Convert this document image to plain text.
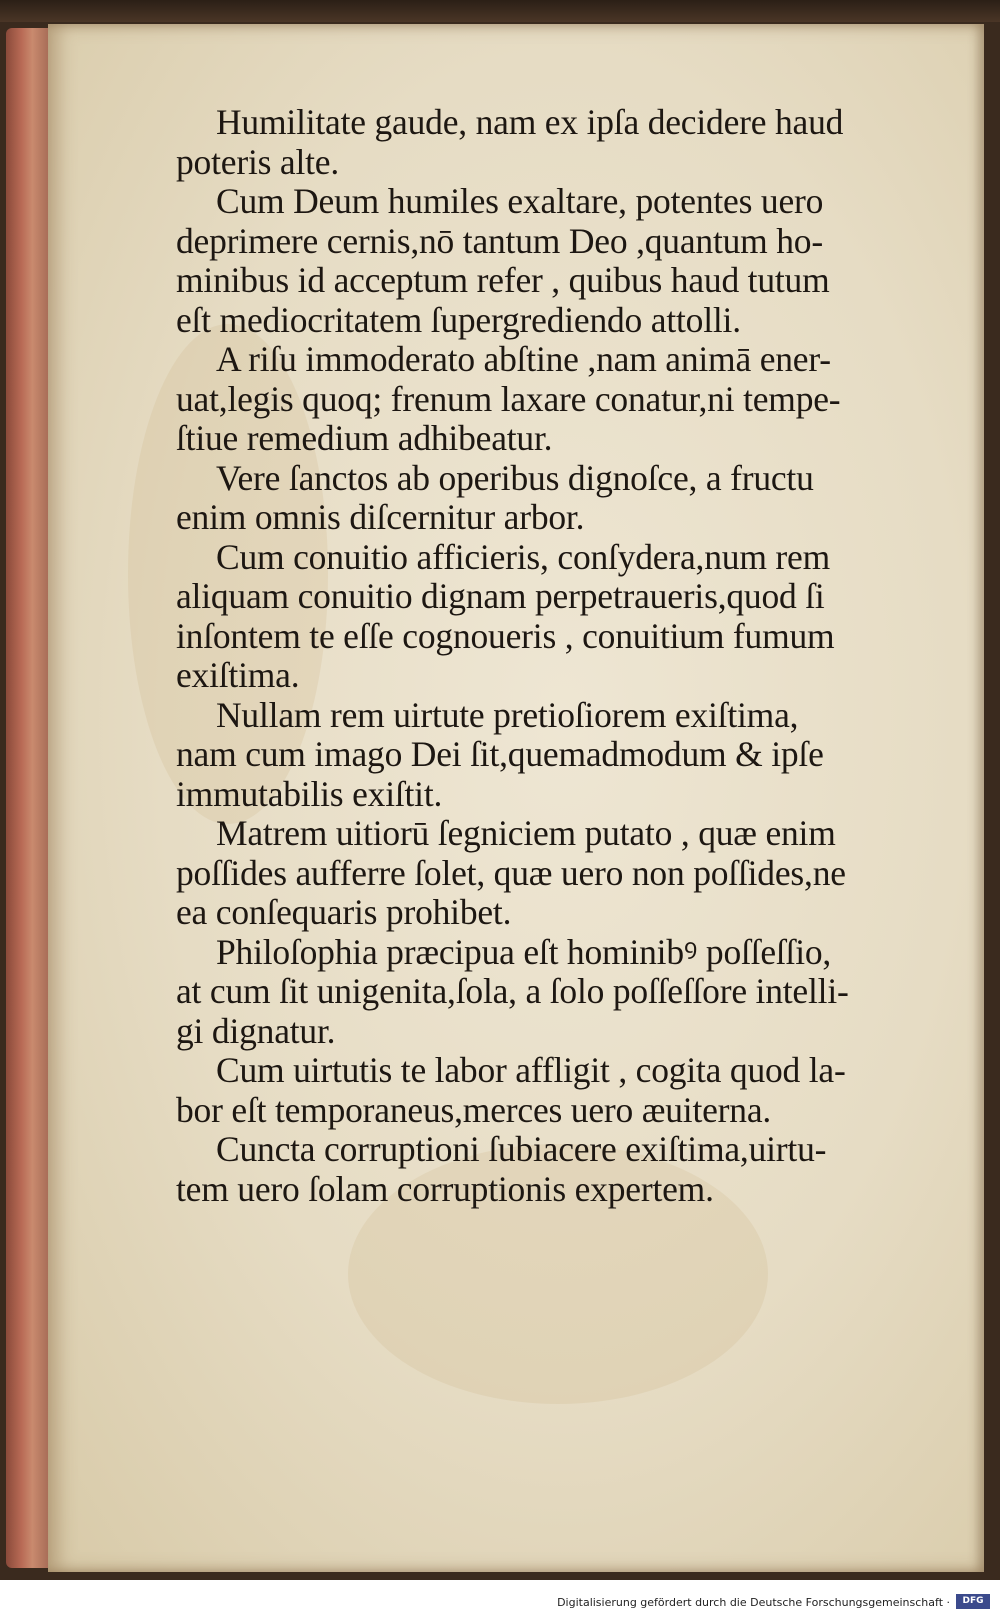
Humilitate gaude, nam ex ipſa decidere haud
poteris alte.
Cum Deum humiles exaltare, potentes uero
deprimere cernis,nō tantum Deo ,quantum ho-
minibus id acceptum refer , quibus haud tutum
eſt mediocritatem ſupergrediendo attolli.
A riſu immoderato abſtine ,nam animā ener-
uat,legis quoq; frenum laxare conatur,ni tempe-
ſtiue remedium adhibeatur.
Vere ſanctos ab operibus dignoſce, a fructu
enim omnis diſcernitur arbor.
Cum conuitio afficieris, conſydera,num rem
aliquam conuitio dignam perpetraueris,quod ſi
inſontem te eſſe cognoueris , conuitium fumum
exiſtima.
Nullam rem uirtute pretioſiorem exiſtima,
nam cum imago Dei ſit,quemadmodum & ipſe
immutabilis exiſtit.
Matrem uitiorū ſegniciem putato , quæ enim
poſſides aufferre ſolet, quæ uero non poſſides,ne
ea conſequaris prohibet.
Philoſophia præcipua eſt hominibꝰ poſſeſſio,
at cum ſit unigenita,ſola, a ſolo poſſeſſore intelli-
gi dignatur.
Cum uirtutis te labor affligit , cogita quod la-
bor eſt temporaneus,merces uero æuiterna.
Cuncta corruptioni ſubiacere exiſtima,uirtu-
tem uero ſolam corruptionis expertem.
Digitalisierung gefördert durch die Deutsche Forschungsgemeinschaft ·	DFG
